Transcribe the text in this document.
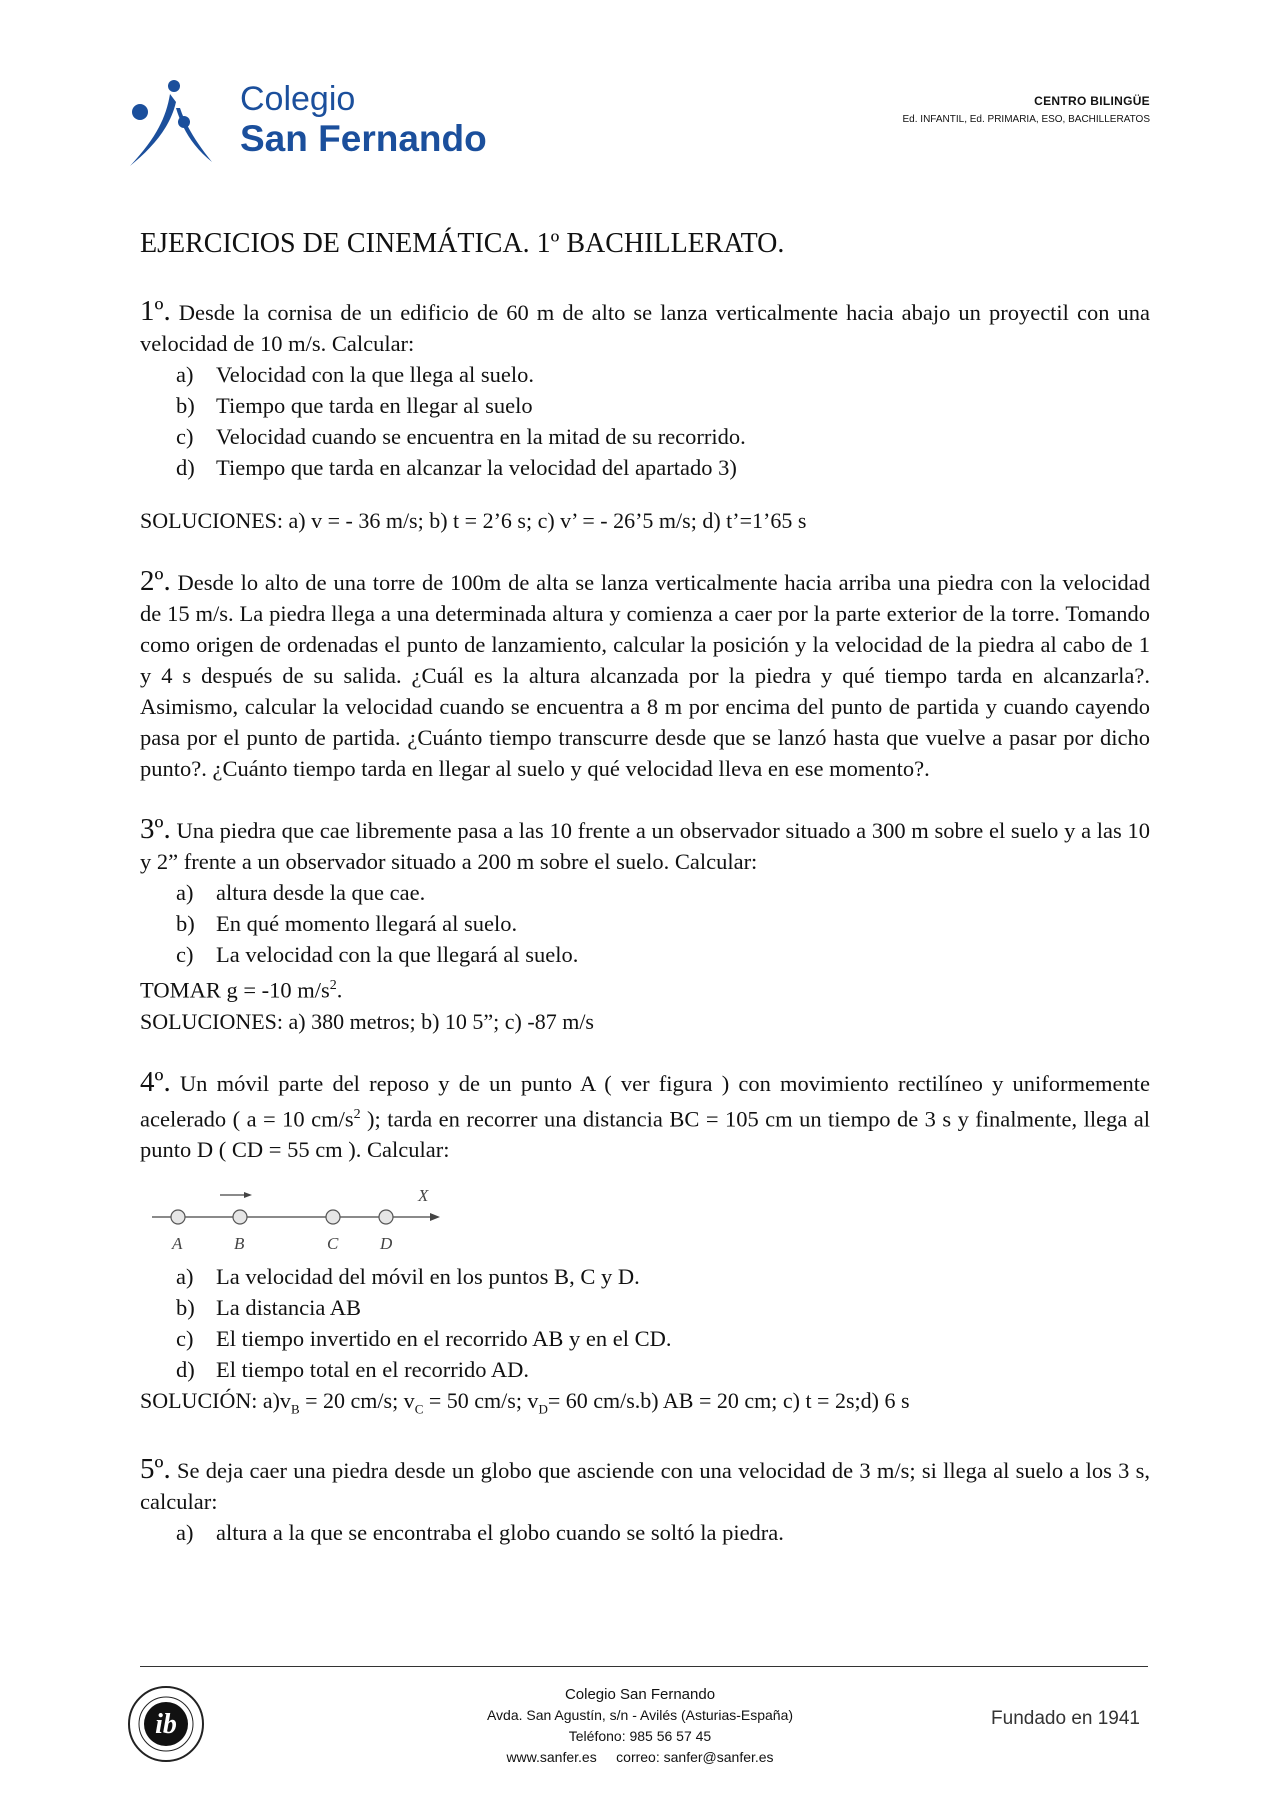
Colegio
San Fernando
CENTRO BILINGÜE
Ed. INFANTIL, Ed. PRIMARIA, ESO, BACHILLERATOS
EJERCICIOS DE CINEMÁTICA. 1º BACHILLERATO.

1º. Desde la cornisa de un edificio de 60 m de alto se lanza verticalmente hacia abajo un proyectil con una velocidad de 10 m/s. Calcular:

a) Velocidad con la que llega al suelo.
b) Tiempo que tarda en llegar al suelo
c) Velocidad cuando se encuentra en la mitad de su recorrido.
d) Tiempo que tarda en alcanzar la velocidad del apartado 3)
SOLUCIONES: a) v = - 36 m/s; b) t = 2’6 s; c) v’ = - 26’5 m/s; d) t’=1’65 s

2º. Desde lo alto de una torre de 100m de alta se lanza verticalmente hacia arriba una piedra con la velocidad de 15 m/s. La piedra llega a una determinada altura y comienza a caer por la parte exterior de la torre. Tomando como origen de ordenadas el punto de lanzamiento, calcular la posición y la velocidad de la piedra al cabo de 1 y 4 s después de su salida. ¿Cuál es la altura alcanzada por la piedra y qué tiempo tarda en alcanzarla?. Asimismo, calcular la velocidad cuando se encuentra a 8 m por encima del punto de partida y cuando cayendo pasa por el punto de partida. ¿Cuánto tiempo transcurre desde que se lanzó hasta que vuelve a pasar por dicho punto?. ¿Cuánto tiempo tarda en llegar al suelo y qué velocidad lleva en ese momento?.

3º. Una piedra que cae libremente pasa a las 10 frente a un observador situado a 300 m sobre el suelo y a las 10 y 2” frente a un observador situado a 200 m sobre el suelo. Calcular:

a) altura desde la que cae.
b) En qué momento llegará al suelo.
c) La velocidad con la que llegará al suelo.

TOMAR g = -10 $m/s^2$.

SOLUCIONES: a) 380 metros; b) 10 5”; c) -87 m/s

4º. Un móvil parte del reposo y de un punto A ( ver figura ) con movimiento rectilíneo y uniformemente acelerado ( a = 10 $cm/s^2$ ); tarda en recorrer una distancia BC = 105 cm un tiempo de 3 s y finalmente, llega al punto D ( CD = 55 cm ). Calcular:

A	B	C D
X
a) La velocidad del móvil en los puntos B, C y D.
b) La distancia AB
c) El tiempo invertido en el recorrido AB y en el CD.
d) El tiempo total en el recorrido AD.

SOLUCIÓN: $a)v_B = 20$ cm/s; $v_C = 50$ cm/s; $v_D= 60$ cm/s.b) AB = 20 cm; c) t = 2s;d) 6 s

5º. Se deja caer una piedra desde un globo que asciende con una velocidad de 3 m/s; si llega al suelo a los 3 s, calcular:

a) altura a la que se encontraba el globo cuando se soltó la piedra.
ib
Colegio San Fernando
Avda. San Agustín, s/n - Avilés (Asturias-España)
Teléfono: 985 56 57 45
www.sanfer.es correo: sanfer@sanfer.es
Fundado en 1941
